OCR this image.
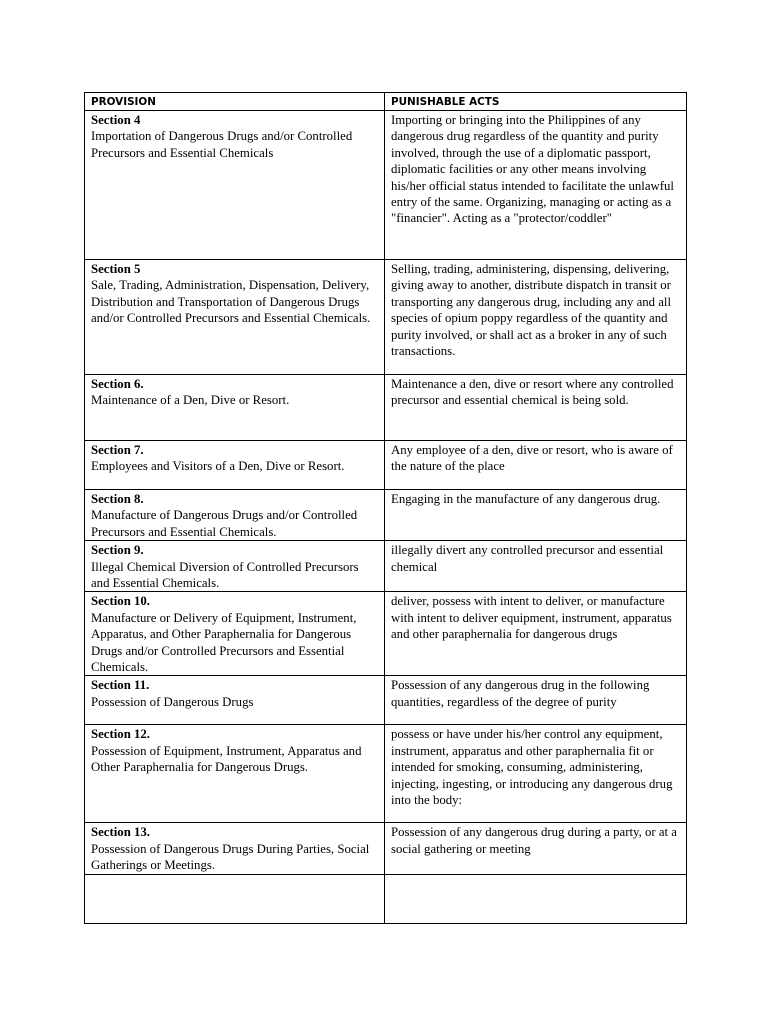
PROVISION	PUNISHABLE ACTS

Section 4
Importation of Dangerous Drugs and/or Controlled Precursors and Essential Chemicals	Importing or bringing into the Philippines of any dangerous drug regardless of the quantity and purity involved, through the use of a diplomatic passport, diplomatic facilities or any other means involving his/her official status intended to facilitate the unlawful entry of the same. Organizing, managing or acting as a "financier". Acting as a "protector/coddler"

Section 5
Sale, Trading, Administration, Dispensation, Delivery, Distribution and Transportation of Dangerous Drugs and/or Controlled Precursors and Essential Chemicals.	Selling, trading, administering, dispensing, delivering, giving away to another, distribute dispatch in transit or transporting any dangerous drug, including any and all species of opium poppy regardless of the quantity and purity involved, or shall act as a broker in any of such transactions.

Section 6.
Maintenance of a Den, Dive or Resort.	Maintenance a den, dive or resort where any controlled precursor and essential chemical is being sold.

Section 7.
Employees and Visitors of a Den, Dive or Resort.	Any employee of a den, dive or resort, who is aware of the nature of the place

Section 8.
Manufacture of Dangerous Drugs and/or Controlled Precursors and Essential Chemicals.	Engaging in the manufacture of any dangerous drug.

Section 9.
Illegal Chemical Diversion of Controlled Precursors and Essential Chemicals.	illegally divert any controlled precursor and essential chemical

Section 10.
Manufacture or Delivery of Equipment, Instrument, Apparatus, and Other Paraphernalia for Dangerous Drugs and/or Controlled Precursors and Essential Chemicals.	deliver, possess with intent to deliver, or manufacture with intent to deliver equipment, instrument, apparatus and other paraphernalia for dangerous drugs

Section 11.
Possession of Dangerous Drugs	Possession of any dangerous drug in the following quantities, regardless of the degree of purity

Section 12.
Possession of Equipment, Instrument, Apparatus and Other Paraphernalia for Dangerous Drugs.	possess or have under his/her control any equipment, instrument, apparatus and other paraphernalia fit or intended for smoking, consuming, administering, injecting, ingesting, or introducing any dangerous drug into the body:

Section 13.
Possession of Dangerous Drugs During Parties, Social Gatherings or Meetings.	Possession of any dangerous drug during a party, or at a social gathering or meeting
